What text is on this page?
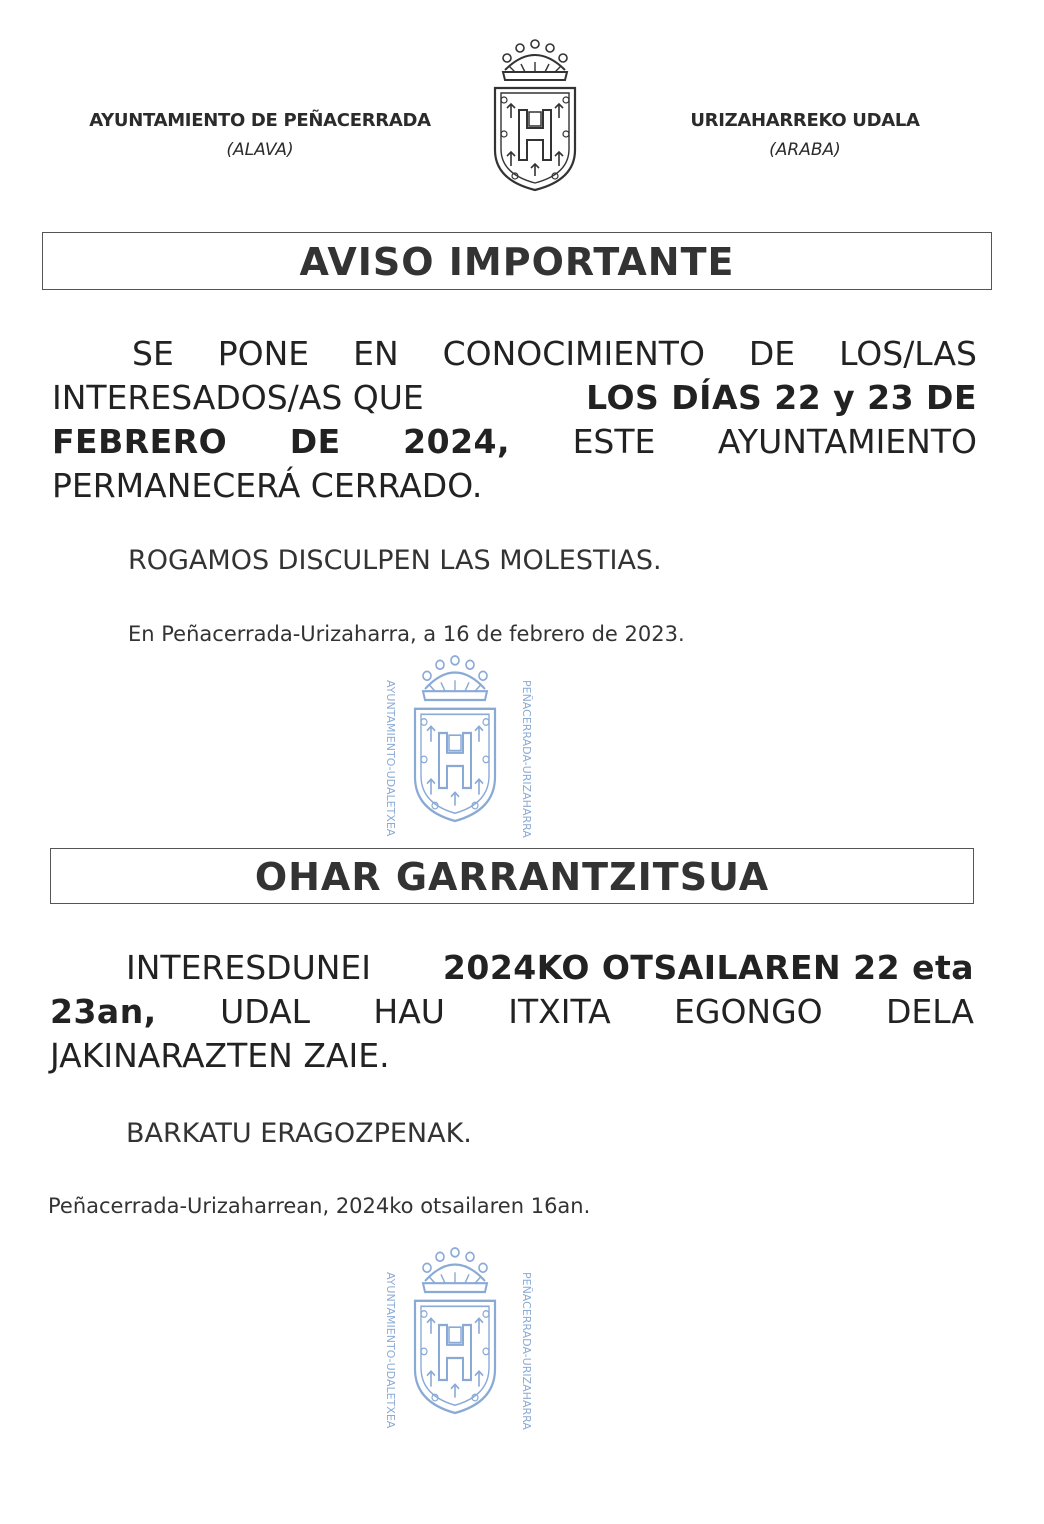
AYUNTAMIENTO DE PEÑACERRADA
(ALAVA)
URIZAHARREKO UDALA
(ARABA)
AVISO IMPORTANTE
SE PONE EN CONOCIMIENTO DE LOS/LAS
INTERESADOS/AS QUE	LOS DÍAS 22 y 23 DE
FEBRERO DE 2024, ESTE AYUNTAMIENTO
PERMANECERÁ CERRADO.
ROGAMOS DISCULPEN LAS MOLESTIAS.
En Peñacerrada-Urizaharra, a 16 de febrero de 2023.
AYUNTAMIENTO-UDALETXEA	PEÑACERRADA-URIZAHARRA
OHAR GARRANTZITSUA
INTERESDUNEI 2024KO OTSAILAREN 22 eta
23an, UDAL HAU ITXITA EGONGO DELA
JAKINARAZTEN ZAIE.
BARKATU ERAGOZPENAK.
Peñacerrada-Urizaharrean, 2024ko otsailaren 16an.
AYUNTAMIENTO-UDALETXEA	PEÑACERRADA-URIZAHARRA
